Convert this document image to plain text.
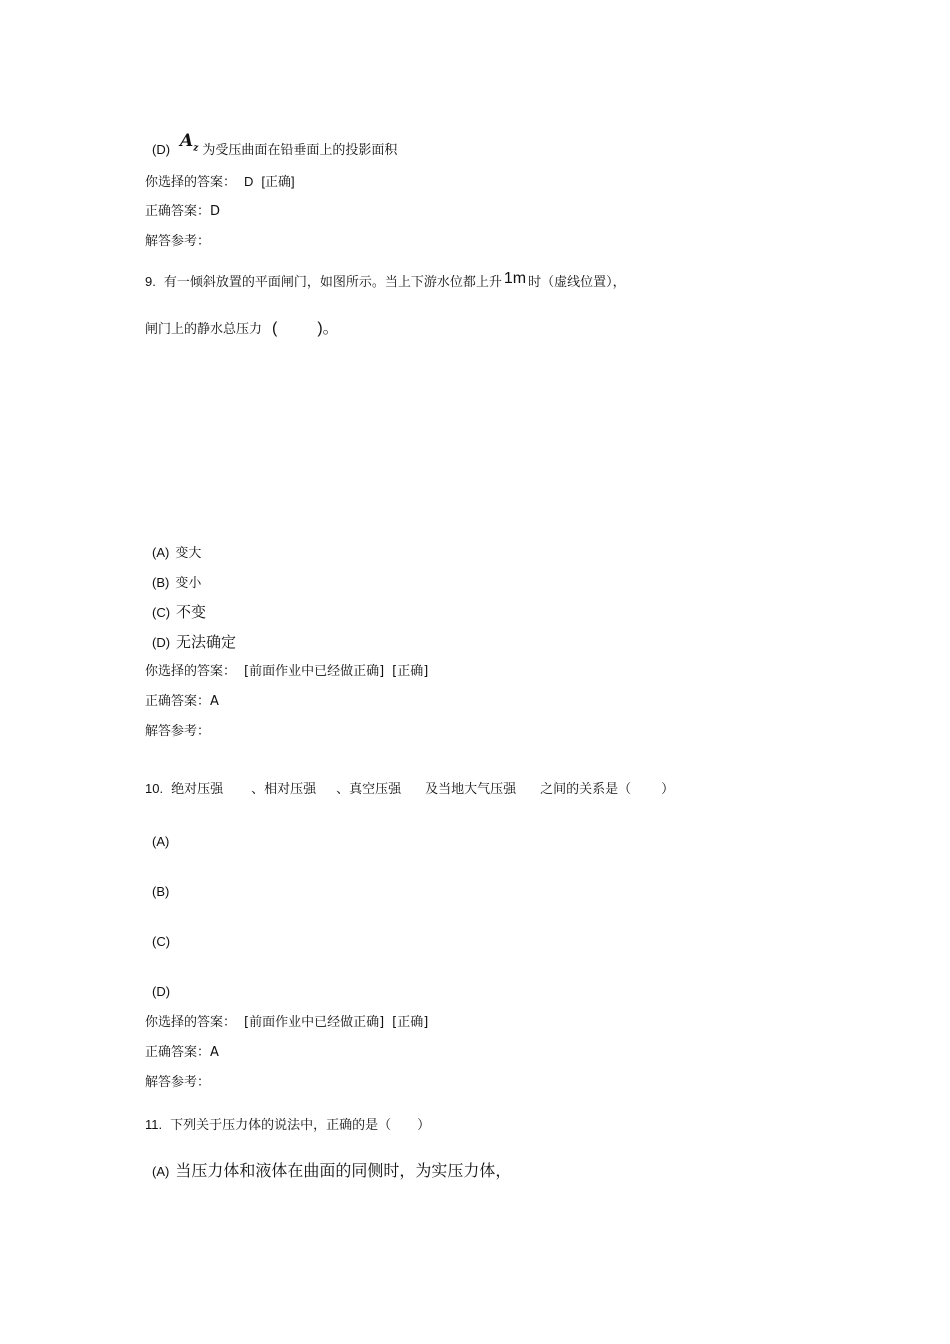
(D) $A_z$ 为受压曲面在铅垂面上的投影面积
你选择的答案： D [正确]
正确答案：D
解答参考：
9. 有一倾斜放置的平面闸门，如图所示。当上下游水位都上升 1m 时（虚线位置），
闸门上的静水总压力 (	)。
(A) 变大
(B) 变小
(C) 不变
(D) 无法确定
你选择的答案： [前面作业中已经做正确] [正确]
正确答案：A
解答参考：
10. 绝对压强 、相对压强 、真空压强 及当地大气压强 之间的关系是（ ）
(A)
(B)
(C)
(D)
你选择的答案： [前面作业中已经做正确] [正确]
正确答案：A
解答参考：
11. 下列关于压力体的说法中，正确的是（ ）
(A) 当压力体和液体在曲面的同侧时，为实压力体，
